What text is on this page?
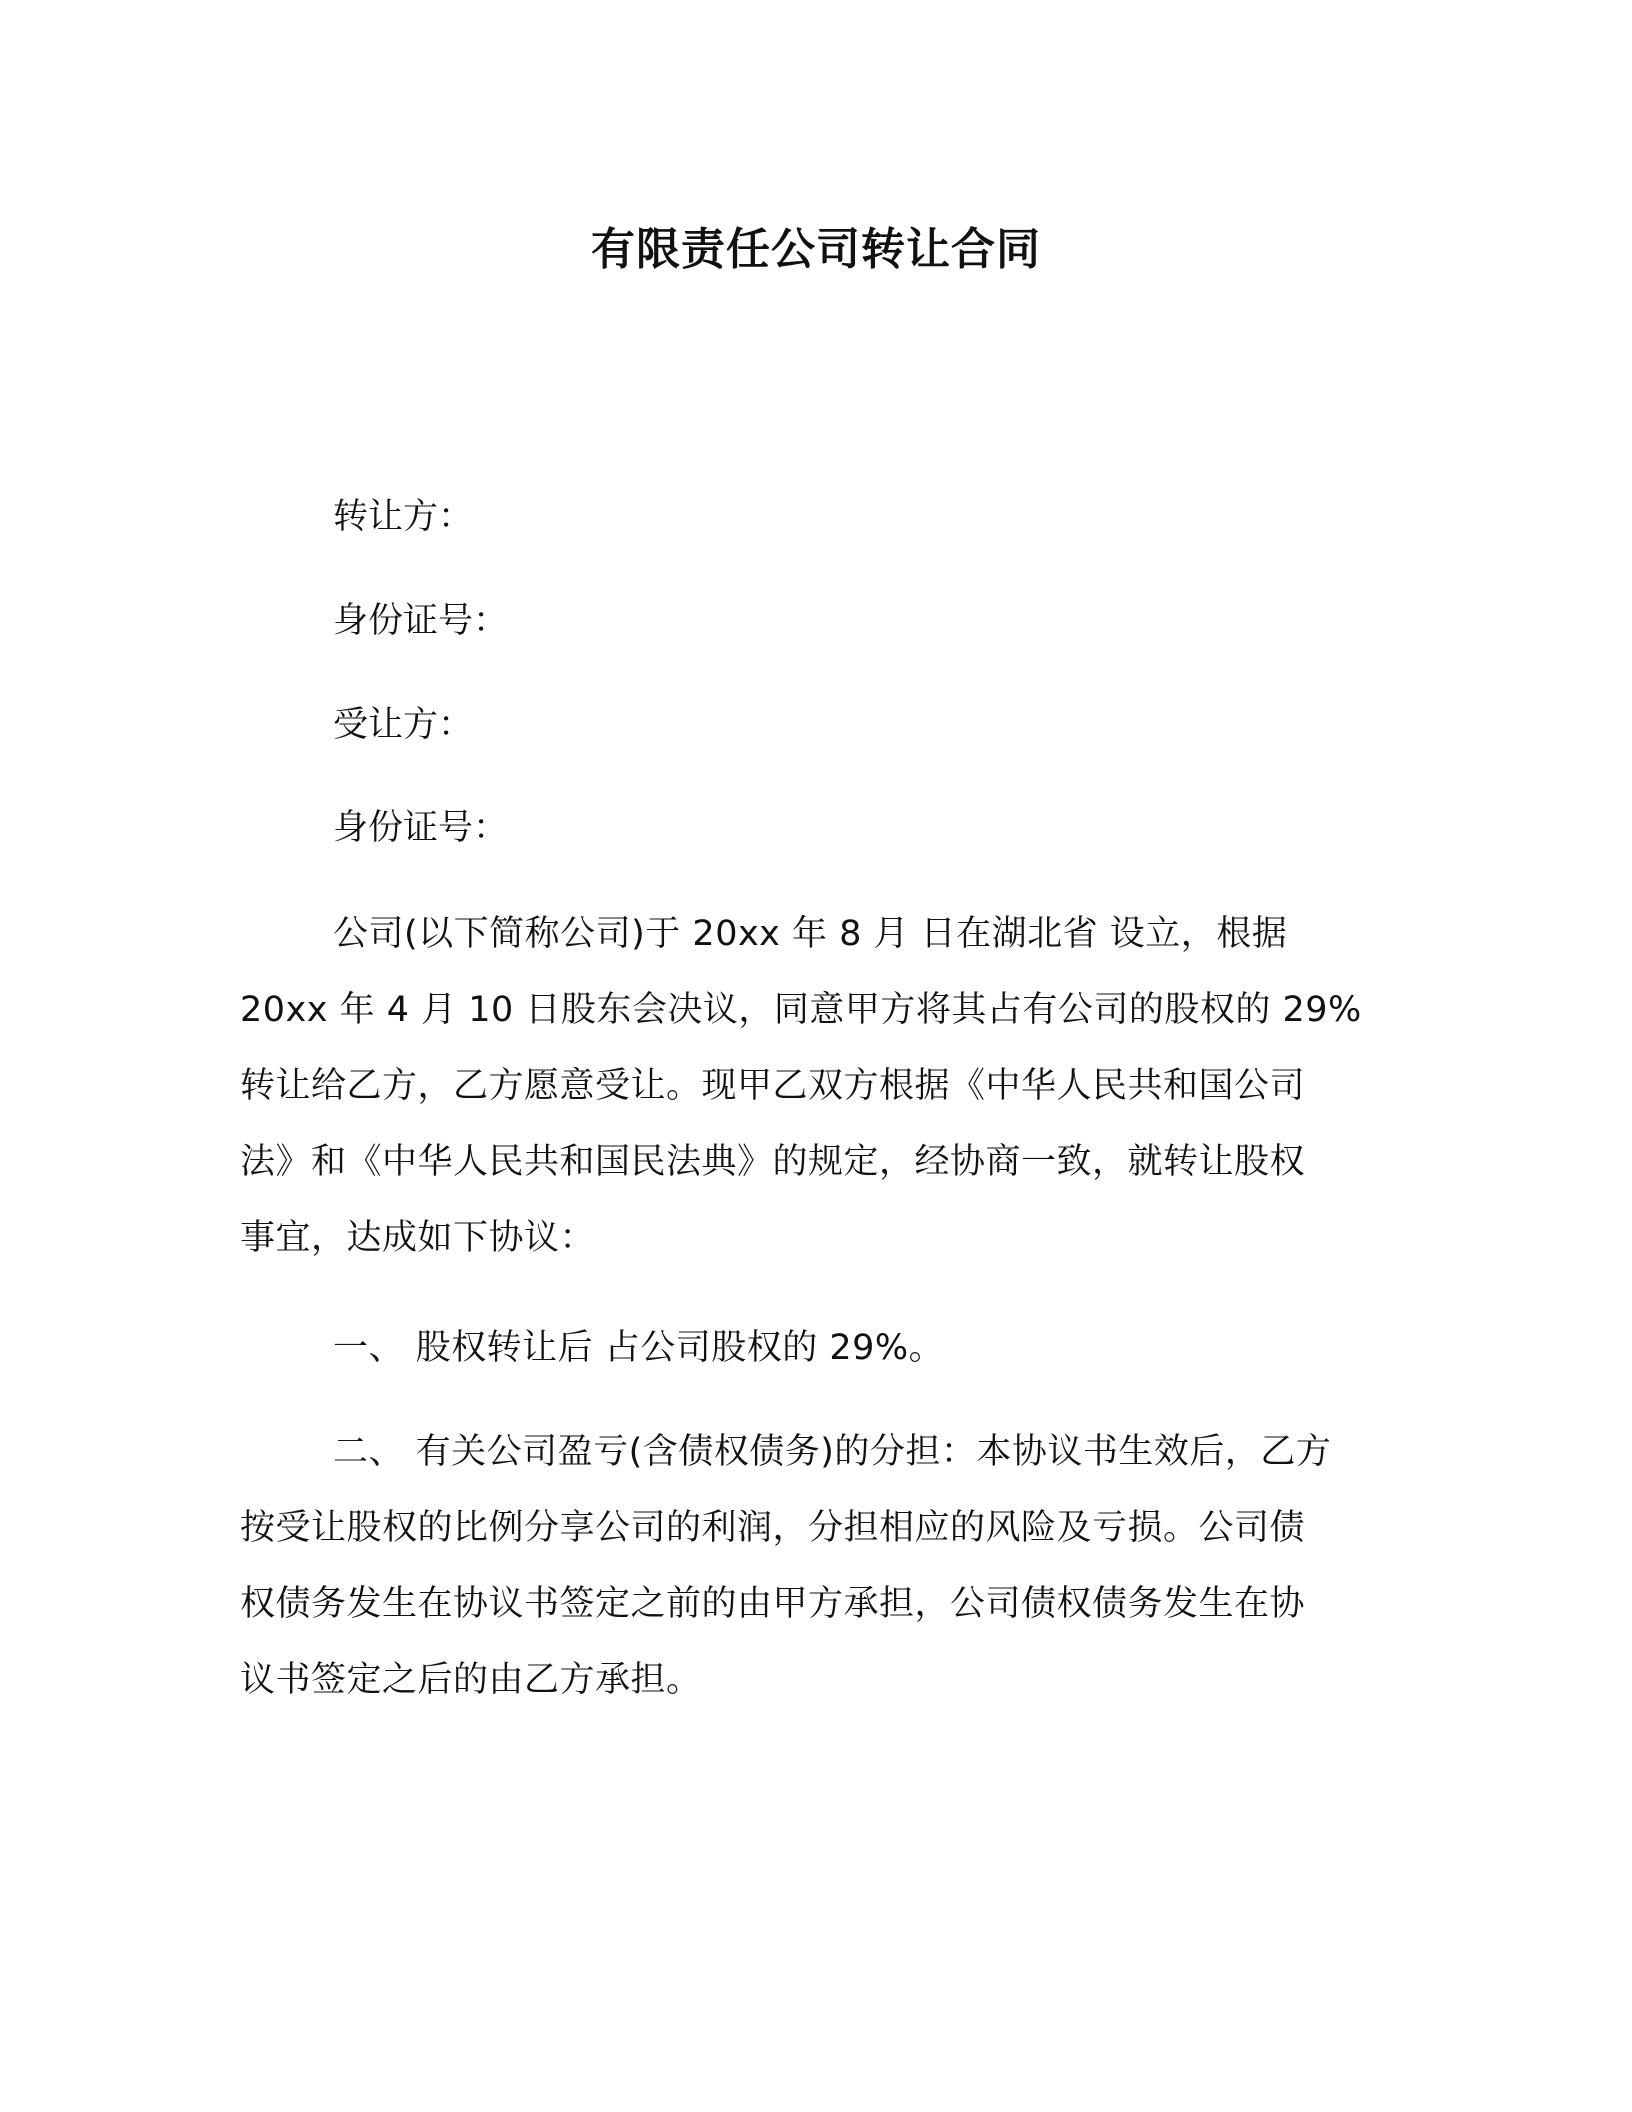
有限责任公司转让合同

转让方：

身份证号：

受让方：

身份证号：

公司(以下简称公司)于 20xx 年 8 月 日在湖北省 设立，根据
20xx 年 4 月 10 日股东会决议，同意甲方将其占有公司的股权的 29%
转让给乙方，乙方愿意受让。现甲乙双方根据《中华人民共和国公司
法》和《中华人民共和国民法典》的规定，经协商一致，就转让股权
事宜，达成如下协议：
一、 股权转让后 占公司股权的 29%。
二、 有关公司盈亏(含债权债务)的分担：本协议书生效后，乙方
按受让股权的比例分享公司的利润，分担相应的风险及亏损。公司债
权债务发生在协议书签定之前的由甲方承担，公司债权债务发生在协
议书签定之后的由乙方承担。
